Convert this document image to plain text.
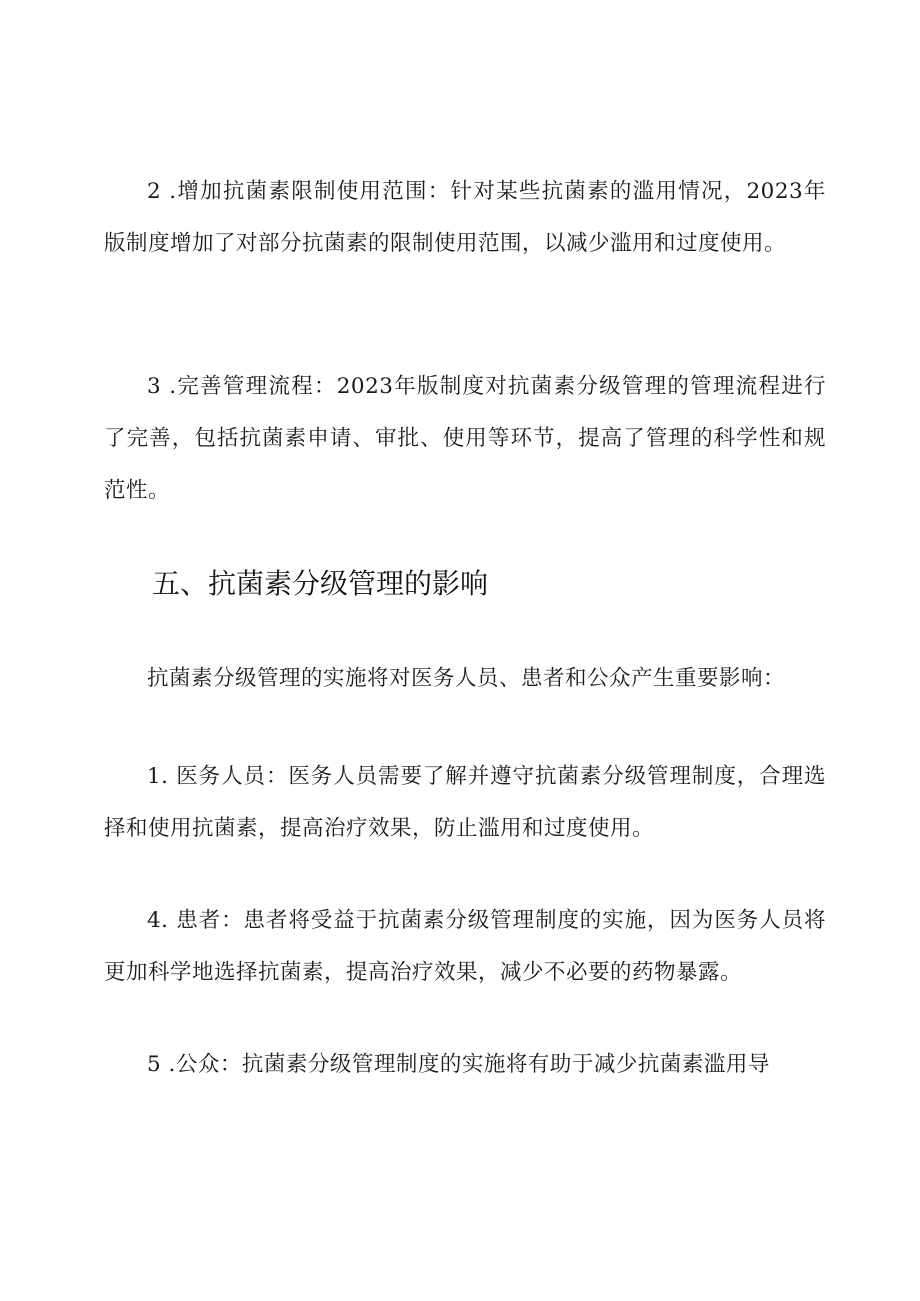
2 .增加抗菌素限制使用范围：针对某些抗菌素的滥用情况，2023年版制度增加了对部分抗菌素的限制使用范围，以减少滥用和过度使用。

3 .完善管理流程：2023年版制度对抗菌素分级管理的管理流程进行了完善，包括抗菌素申请、审批、使用等环节，提高了管理的科学性和规范性。

五、抗菌素分级管理的影响

抗菌素分级管理的实施将对医务人员、患者和公众产生重要影响：

1. 医务人员：医务人员需要了解并遵守抗菌素分级管理制度，合理选择和使用抗菌素，提高治疗效果，防止滥用和过度使用。

4. 患者：患者将受益于抗菌素分级管理制度的实施，因为医务人员将更加科学地选择抗菌素，提高治疗效果，减少不必要的药物暴露。

5 .公众：抗菌素分级管理制度的实施将有助于减少抗菌素滥用导
